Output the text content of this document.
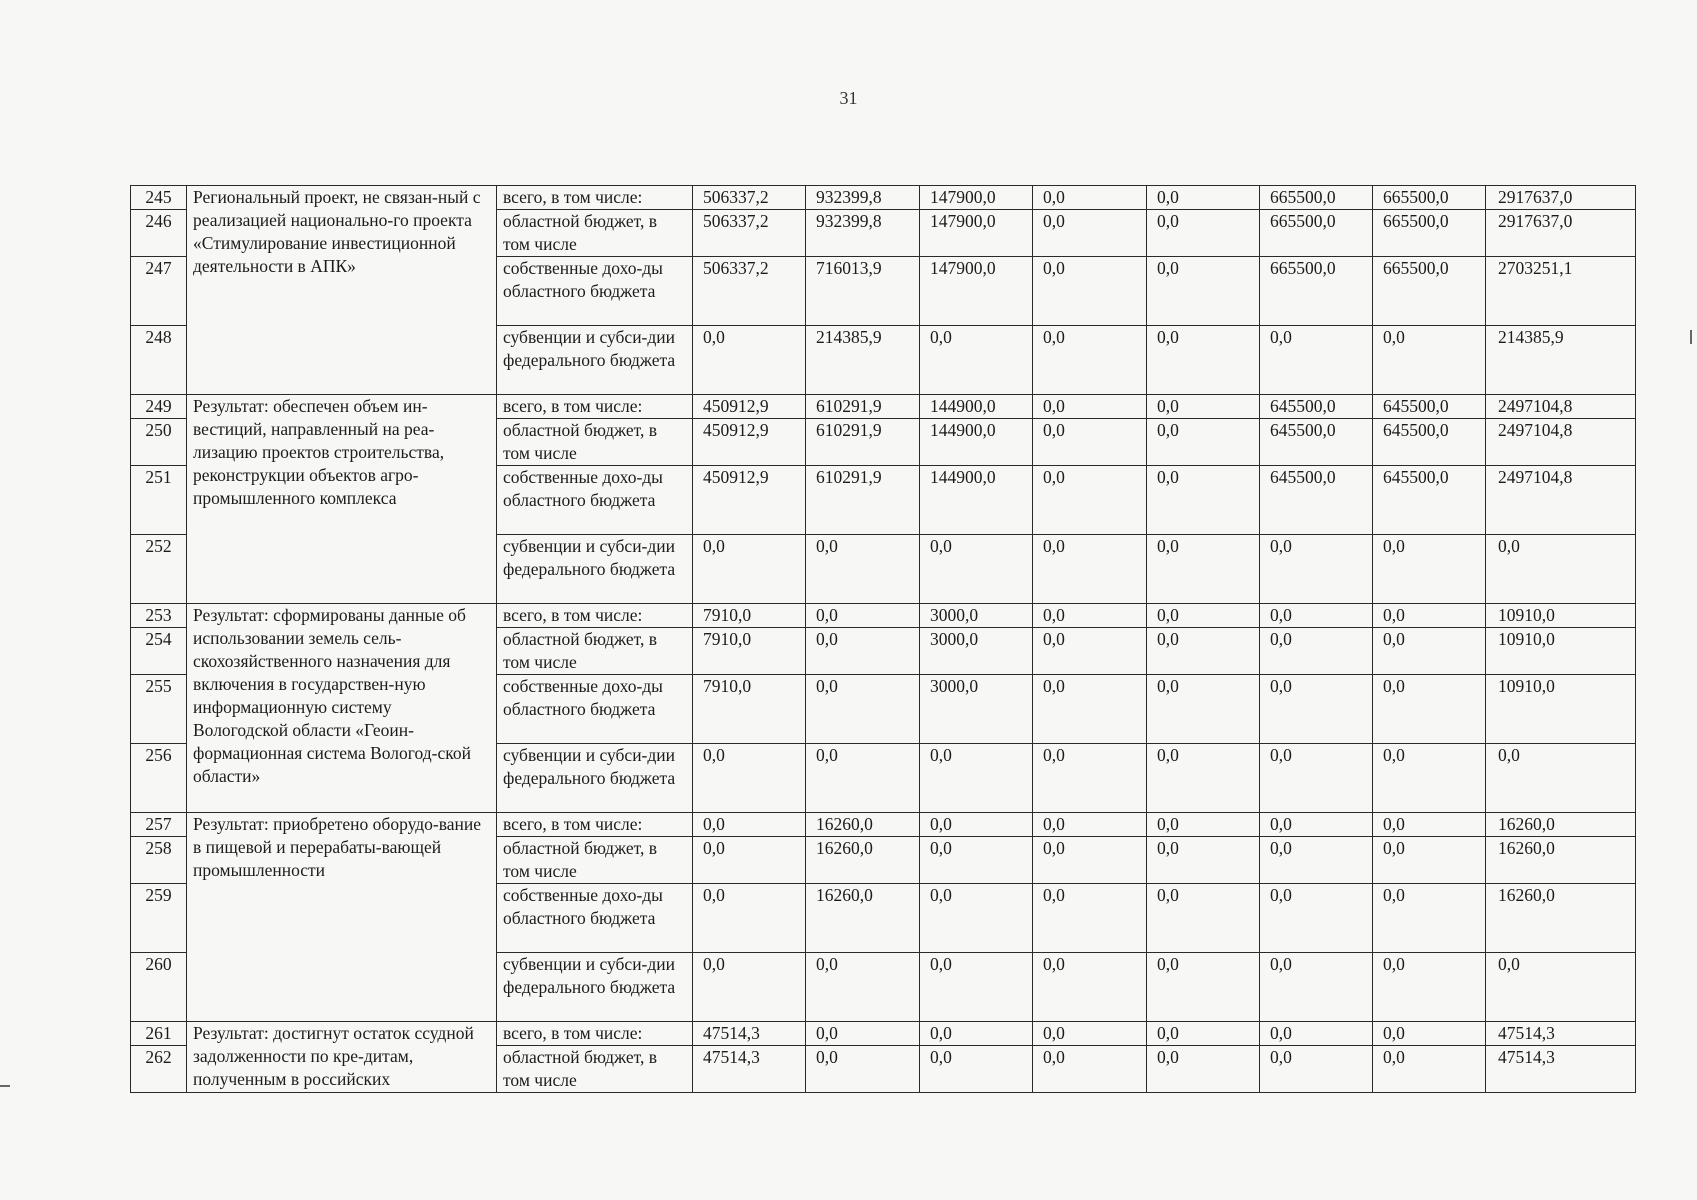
31
245	Региональный проект, не связан-ный с реализацией национально-го проекта «Стимулирование инвестиционной деятельности в АПК»	всего, в том числе:	506337,2	932399,8	147900,0	0,0	0,0	665500,0	665500,0	2917637,0
246		областной бюджет, в том числе	506337,2	932399,8	147900,0	0,0	0,0	665500,0	665500,0	2917637,0
247		собственные дохо-ды областного бюджета	506337,2	716013,9	147900,0	0,0	0,0	665500,0	665500,0	2703251,1
248		субвенции и субси-дии федерального бюджета	0,0	214385,9	0,0	0,0	0,0	0,0	0,0	214385,9
249	Результат: обеспечен объем ин-вестиций, направленный на реа-лизацию проектов строительства, реконструкции объектов агро-промышленного комплекса	всего, в том числе:	450912,9	610291,9	144900,0	0,0	0,0	645500,0	645500,0	2497104,8
250		областной бюджет, в том числе	450912,9	610291,9	144900,0	0,0	0,0	645500,0	645500,0	2497104,8
251		собственные дохо-ды областного бюджета	450912,9	610291,9	144900,0	0,0	0,0	645500,0	645500,0	2497104,8
252		субвенции и субси-дии федерального бюджета	0,0	0,0	0,0	0,0	0,0	0,0	0,0	0,0
253	Результат: сформированы данные об использовании земель сель-скохозяйственного назначения для включения в государствен-ную информационную систему Вологодской области «Геоин-формационная система Вологод-ской области»	всего, в том числе:	7910,0	0,0	3000,0	0,0	0,0	0,0	0,0	10910,0
254		областной бюджет, в том числе	7910,0	0,0	3000,0	0,0	0,0	0,0	0,0	10910,0
255		собственные дохо-ды областного бюджета	7910,0	0,0	3000,0	0,0	0,0	0,0	0,0	10910,0
256		субвенции и субси-дии федерального бюджета	0,0	0,0	0,0	0,0	0,0	0,0	0,0	0,0
257	Результат: приобретено оборудо-вание в пищевой и перерабаты-вающей промышленности	всего, в том числе:	0,0	16260,0	0,0	0,0	0,0	0,0	0,0	16260,0
258		областной бюджет, в том числе	0,0	16260,0	0,0	0,0	0,0	0,0	0,0	16260,0
259		собственные дохо-ды областного бюджета	0,0	16260,0	0,0	0,0	0,0	0,0	0,0	16260,0
260		субвенции и субси-дии федерального бюджета	0,0	0,0	0,0	0,0	0,0	0,0	0,0	0,0
261	Результат: достигнут остаток ссудной задолженности по кре-дитам, полученным в российских	всего, в том числе:	47514,3	0,0	0,0	0,0	0,0	0,0	0,0	47514,3
262		областной бюджет, в том числе	47514,3	0,0	0,0	0,0	0,0	0,0	0,0	47514,3
